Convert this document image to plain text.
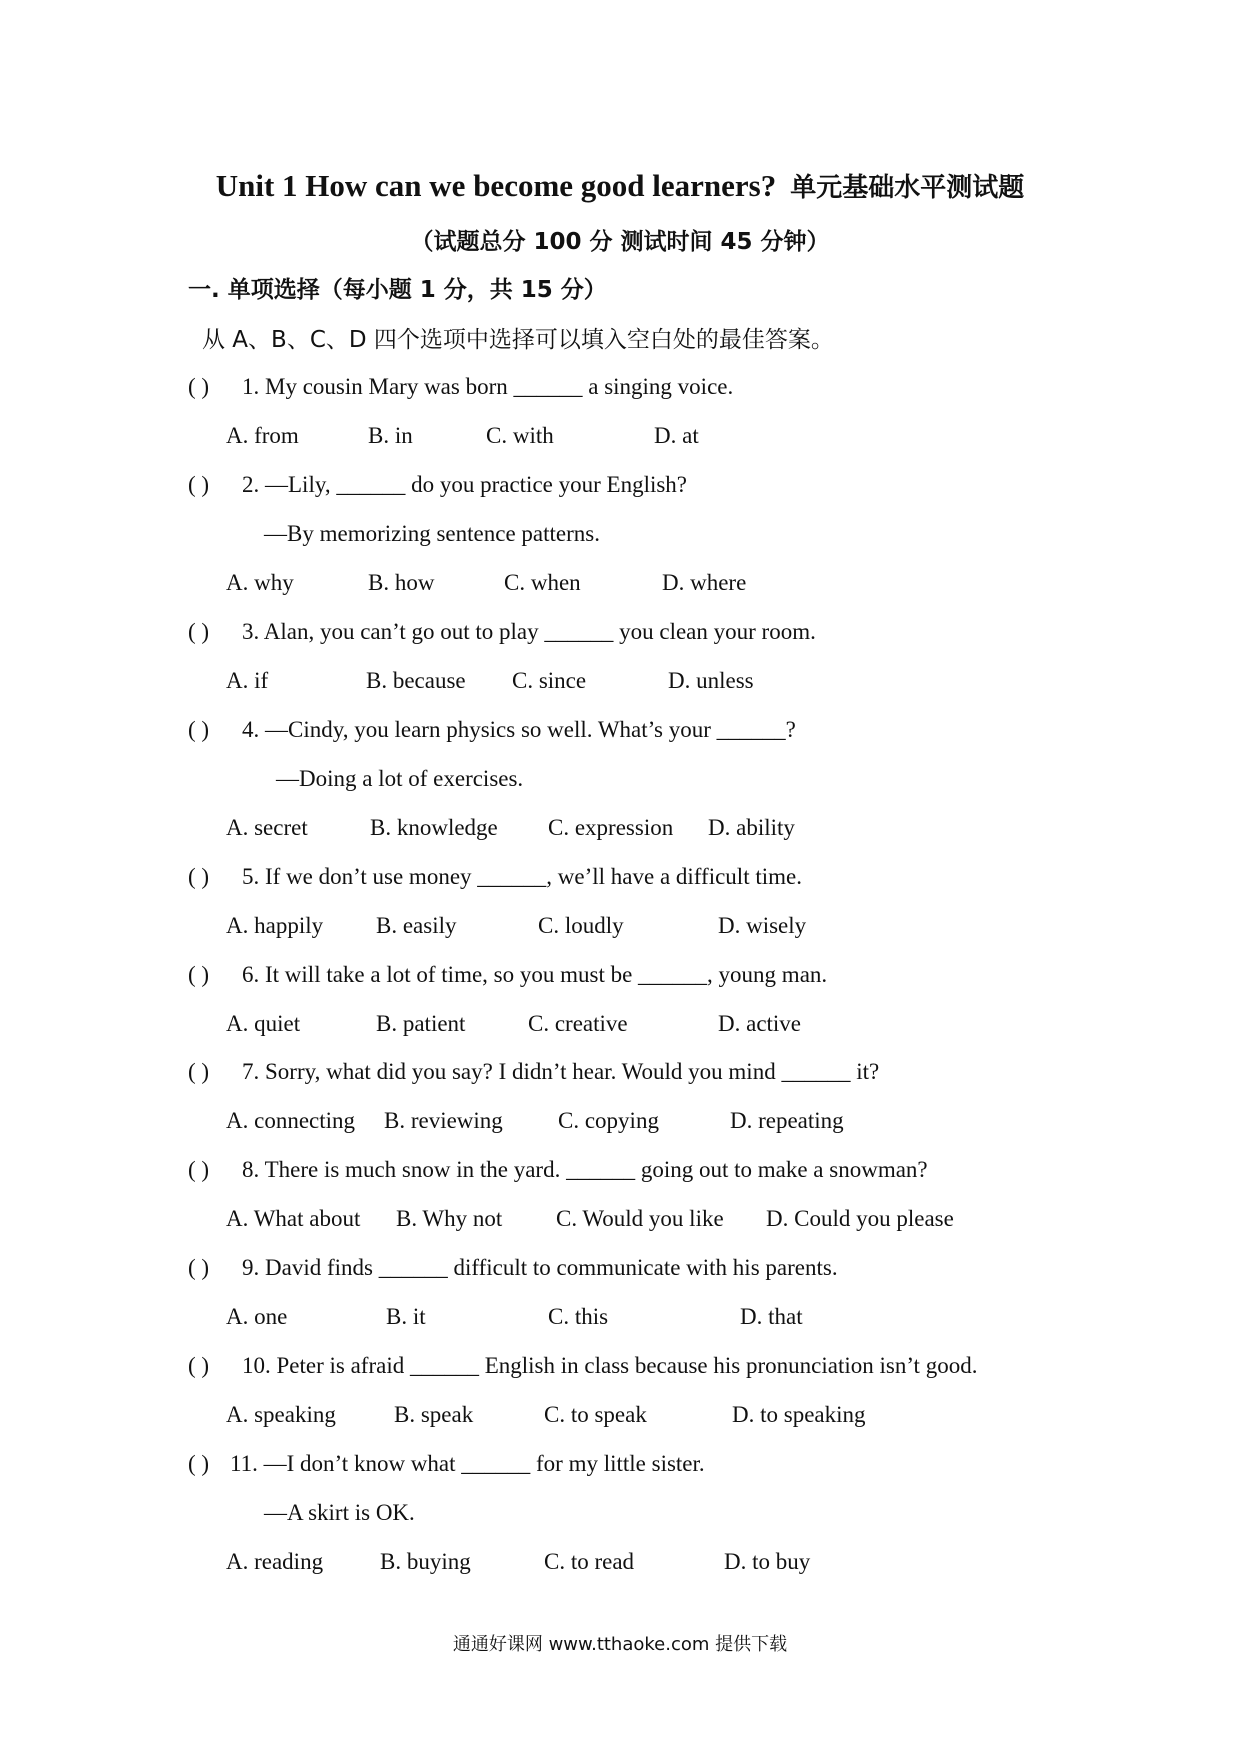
Unit 1 How can we become good learners? 单元基础水平测试题
（试题总分 100 分 测试时间 45 分钟）
一. 单项选择（每小题 1 分，共 15 分）
从 A、B、C、D 四个选项中选择可以填入空白处的最佳答案。
( ) 1. My cousin Mary was born ______ a singing voice.
A. from	B. in	C. with	D. at
( ) 2. —Lily, ______ do you practice your English?
—By memorizing sentence patterns.
A. why	B. how	C. when	D. where
( ) 3. Alan, you can’t go out to play ______ you clean your room.
A. if	B. because C. since	D. unless
( ) 4. —Cindy, you learn physics so well. What’s your ______?
—Doing a lot of exercises.
A. secret	B. knowledge C. expression D. ability
( ) 5. If we don’t use money ______, we’ll have a difficult time.
A. happily B. easily	C. loudly	D. wisely
( ) 6. It will take a lot of time, so you must be ______, young man.
A. quiet	B. patient	C. creative	D. active
( ) 7. Sorry, what did you say? I didn’t hear. Would you mind ______ it?
A. connecting B. reviewing C. copying	D. repeating
( ) 8. There is much snow in the yard. ______ going out to make a snowman?
A. What about B. Why not C. Would you like D. Could you please
( ) 9. David finds ______ difficult to communicate with his parents.
A. one	B. it	C. this	D. that
( ) 10. Peter is afraid ______ English in class because his pronunciation isn’t good.
A. speaking	B. speak	C. to speak	D. to speaking
( ) 11. —I don’t know what ______ for my little sister.
—A skirt is OK.
A. reading B. buying	C. to read	D. to buy
通通好课网 www.tthaoke.com 提供下载
